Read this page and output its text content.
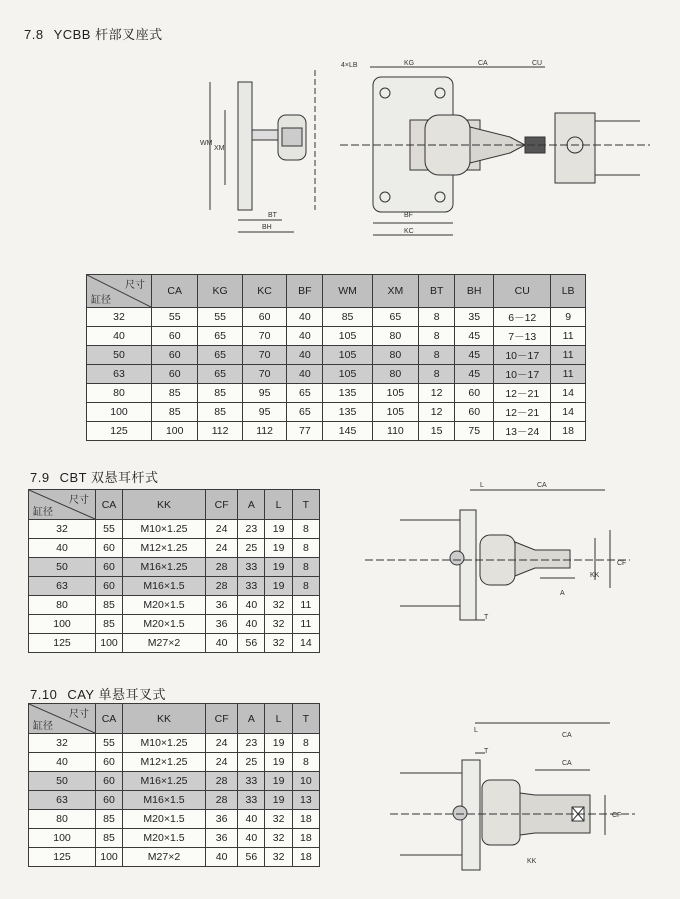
7.8 YCBB 杆部叉座式
WM
XM
BT
BH
4×LB	KG	CA	CU
BF
KC
尺寸
缸径	CA	KG	KC	BF	WM	XM	BT	BH	CU	LB
32	55	55	60	40	85	65	8	35	6－12	9
40	60	65	70	40	105	80	8	45	7－13	11
50	60	65	70	40	105	80	8	45	10－17	11
63	60	65	70	40	105	80	8	45	10－17	11
80	85	85	95	65	135	105	12	60	12－21	14
100	85	85	95	65	135	105	12	60	12－21	14
125	100	112	112	77	145	110	15	75	13－24	18
7.9 CBT 双悬耳杆式
尺寸
缸径	CA	KK	CF	A	L	T
32	55	M10×1.25	24	23	19	8
40	60	M12×1.25	24	25	19	8
50	60	M16×1.25	28	33	19	8
63	60	M16×1.5	28	33	19	8
80	85	M20×1.5	36	40	32	11
100	85	M20×1.5	36	40	32	11
125	100	M27×2	40	56	32	14
L	CA
CF
KK
A
T
7.10 CAY 单悬耳叉式
尺寸
缸径	CA	KK	CF	A	L	T
32	55	M10×1.25	24	23	19	8
40	60	M12×1.25	24	25	19	8
50	60	M16×1.25	28	33	19	10
63	60	M16×1.5	28	33	19	13
80	85	M20×1.5	36	40	32	18
100	85	M20×1.5	36	40	32	18
125	100	M27×2	40	56	32	18
L
T
CA
CA
CF
KK
